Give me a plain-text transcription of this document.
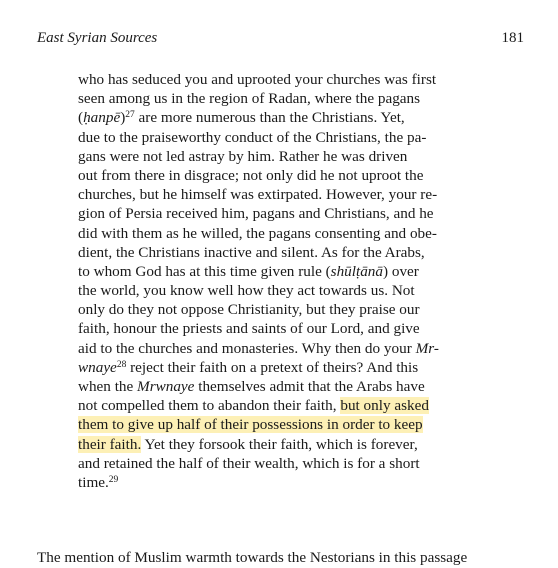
East Syrian Sources	181
who has seduced you and uprooted your churches was first
seen among us in the region of Radan, where the pagans
(ḥanpē)$^{27}$ are more numerous than the Christians. Yet,
due to the praiseworthy conduct of the Christians, the pa-
gans were not led astray by him. Rather he was driven
out from there in disgrace; not only did he not uproot the
churches, but he himself was extirpated. However, your re-
gion of Persia received him, pagans and Christians, and he
did with them as he willed, the pagans consenting and obe-
dient, the Christians inactive and silent. As for the Arabs,
to whom God has at this time given rule (shūlṭānā) over
the world, you know well how they act towards us. Not
only do they not oppose Christianity, but they praise our
faith, honour the priests and saints of our Lord, and give
aid to the churches and monasteries. Why then do your Mr-
wnaye$^{28}$ reject their faith on a pretext of theirs? And this
when the Mrwnaye themselves admit that the Arabs have
not compelled them to abandon their faith, but only asked
them to give up half of their possessions in order to keep
their faith. Yet they forsook their faith, which is forever,
and retained the half of their wealth, which is for a short
time.$^{29}$
The mention of Muslim warmth towards the Nestorians in this passage
